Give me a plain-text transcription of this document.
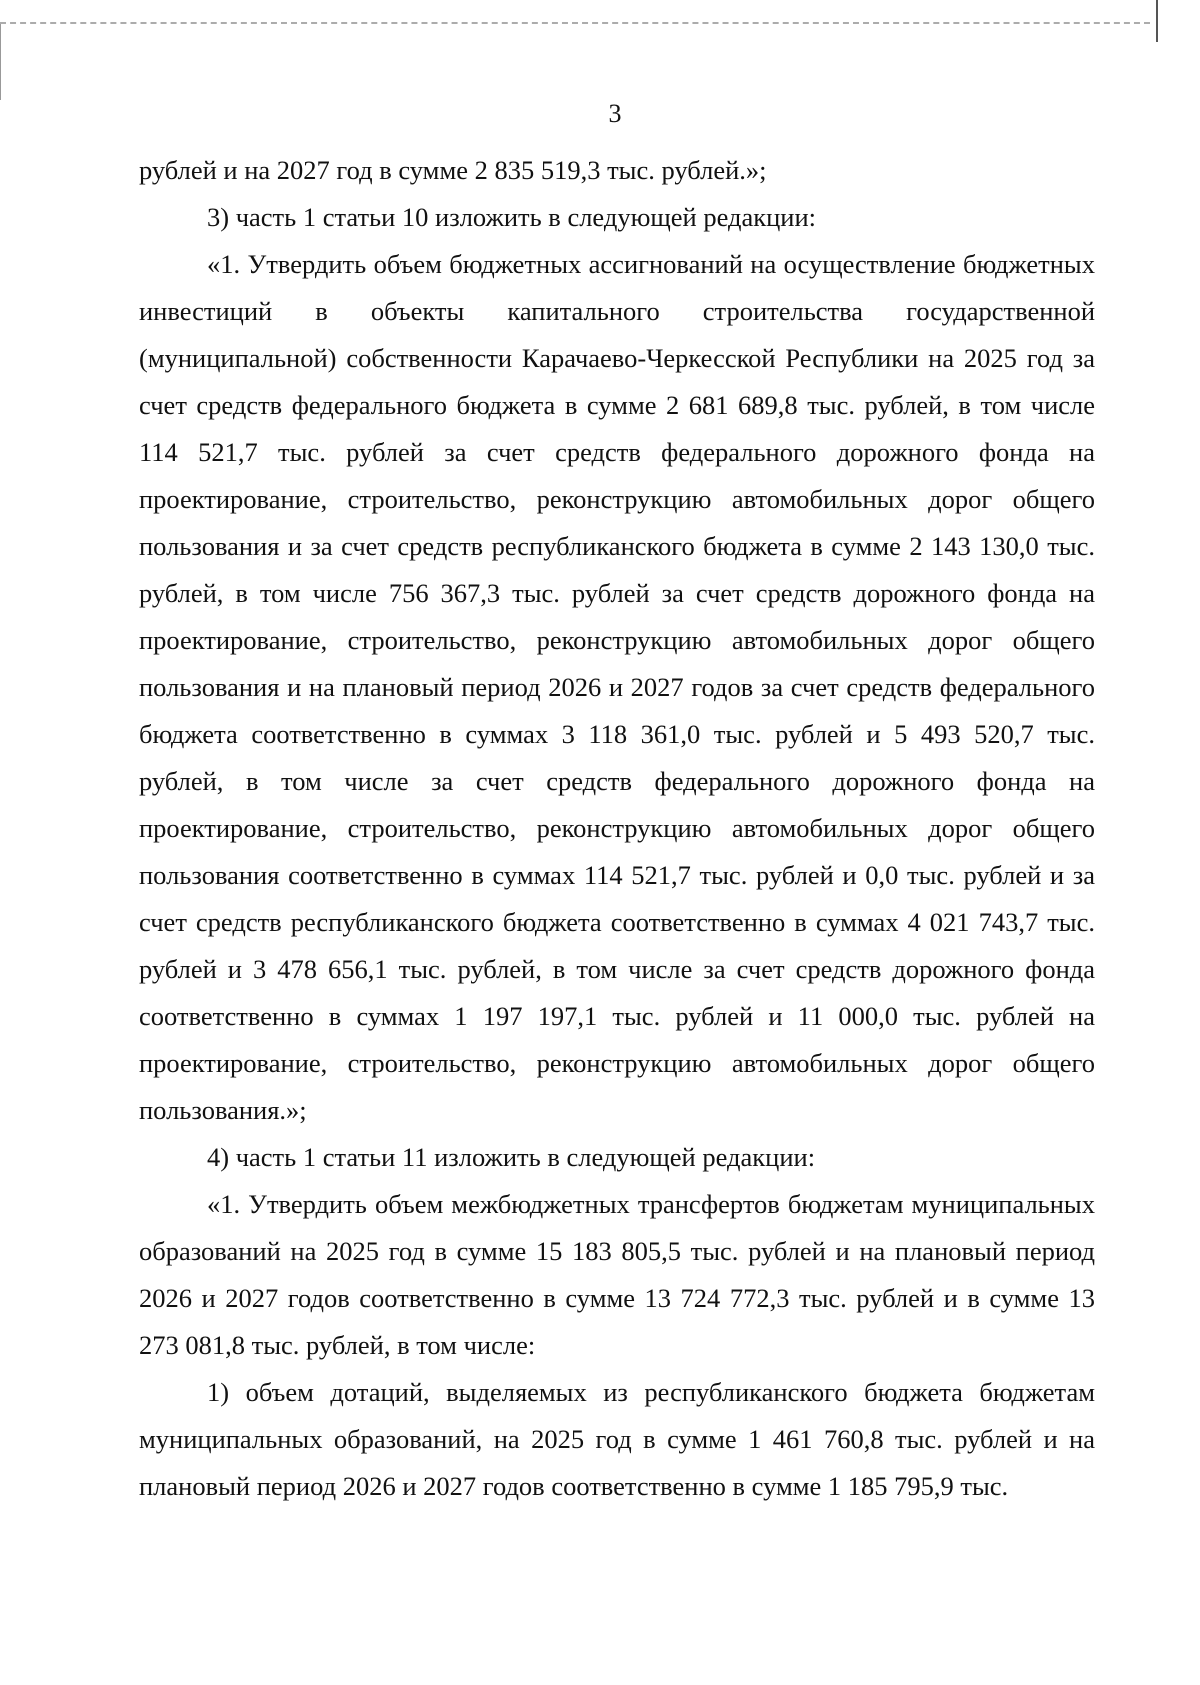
3

рублей и на 2027 год в сумме 2 835 519,3 тыс. рублей.»;

3) часть 1 статьи 10 изложить в следующей редакции:

«1. Утвердить объем бюджетных ассигнований на осуществление бюджетных инвестиций в объекты капитального строительства государственной (муниципальной) собственности Карачаево-Черкесской Республики на 2025 год за счет средств федерального бюджета в сумме 2 681 689,8 тыс. рублей, в том числе 114 521,7 тыс. рублей за счет средств федерального дорожного фонда на проектирование, строительство, реконструкцию автомобильных дорог общего пользования и за счет средств республиканского бюджета в сумме 2 143 130,0 тыс. рублей, в том числе 756 367,3 тыс. рублей за счет средств дорожного фонда на проектирование, строительство, реконструкцию автомобильных дорог общего пользования и на плановый период 2026 и 2027 годов за счет средств федерального бюджета соответственно в суммах 3 118 361,0 тыс. рублей и 5 493 520,7 тыс. рублей, в том числе за счет средств федерального дорожного фонда на проектирование, строительство, реконструкцию автомобильных дорог общего пользования соответственно в суммах 114 521,7 тыс. рублей и 0,0 тыс. рублей и за счет средств республиканского бюджета соответственно в суммах 4 021 743,7 тыс. рублей и 3 478 656,1 тыс. рублей, в том числе за счет средств дорожного фонда соответственно в суммах 1 197 197,1 тыс. рублей и 11 000,0 тыс. рублей на проектирование, строительство, реконструкцию автомобильных дорог общего пользования.»;

4) часть 1 статьи 11 изложить в следующей редакции:

«1. Утвердить объем межбюджетных трансфертов бюджетам муниципальных образований на 2025 год в сумме 15 183 805,5 тыс. рублей и на плановый период 2026 и 2027 годов соответственно в сумме 13 724 772,3 тыс. рублей и в сумме 13 273 081,8 тыс. рублей, в том числе:

1) объем дотаций, выделяемых из республиканского бюджета бюджетам муниципальных образований, на 2025 год в сумме 1 461 760,8 тыс. рублей и на плановый период 2026 и 2027 годов соответственно в сумме 1 185 795,9 тыс.
